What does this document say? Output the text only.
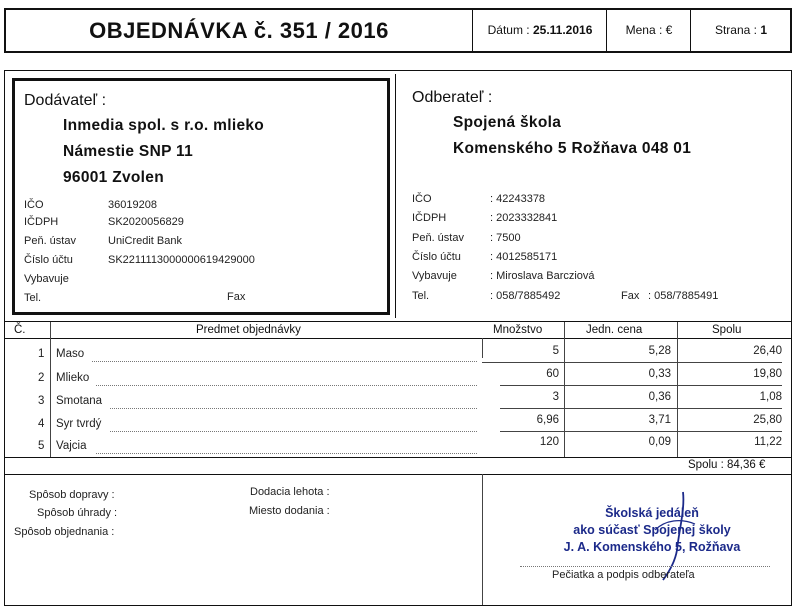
OBJEDNÁVKA č. 351 / 2016	Dátum : 25.11.2016	Mena : €	Strana : 1
Dodávateľ :
Inmedia spol. s r.o. mlieko
Námestie SNP 11
96001 Zvolen
IČO	36019208
IČDPH	SK2020056829
Peň. ústav	UniCredit Bank
Číslo účtu	SK2211113000000619429000
Vybavuje
Tel.	Fax
Odberateľ :
Spojená škola
Komenského 5 Rožňava 048 01
IČO	: 42243378
IČDPH	: 2023332841
Peň. ústav : 7500
Číslo účtu	: 4012585171
Vybavuje	: Miroslava Barcziová
Tel.	: 058/7885492	Fax : 058/7885491
Č.	Predmet objednávky	Množstvo	Jedn. cena	Spolu
1 Maso	5	5,28	26,40
2 Mlieko	60	0,33	19,80
3 Smotana	3	0,36	1,08
4 Syr tvrdý	6,96	3,71	25,80
5 Vajcia	120	0,09	11,22
Spolu : 84,36 €
Spôsob dopravy :
Spôsob úhrady :
Spôsob objednania :
Dodacia lehota :
Miesto dodania :	Školská jedáleň
ako súčasť Spojenej školy
J. A. Komenského 5, Rožňava
Pečiatka a podpis odberateľa
